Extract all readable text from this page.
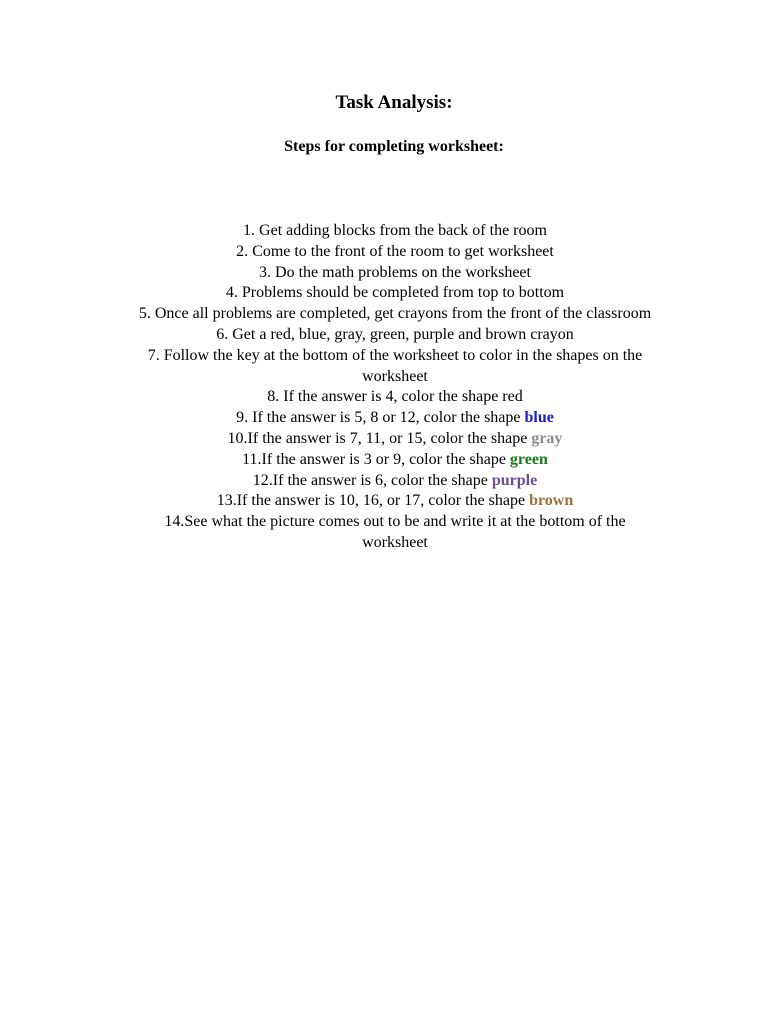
Task Analysis:
Steps for completing worksheet:
1. Get adding blocks from the back of the room
2. Come to the front of the room to get worksheet
3. Do the math problems on the worksheet
4. Problems should be completed from top to bottom
5. Once all problems are completed, get crayons from the front of the classroom
6. Get a red, blue, gray, green, purple and brown crayon
7. Follow the key at the bottom of the worksheet to color in the shapes on the worksheet
8. If the answer is 4, color the shape red
9. If the answer is 5, 8 or 12, color the shape blue
10.If the answer is 7, 11, or 15, color the shape gray
11.If the answer is 3 or 9, color the shape green
12.If the answer is 6, color the shape purple
13.If the answer is 10, 16, or 17, color the shape brown
14.See what the picture comes out to be and write it at the bottom of the worksheet
